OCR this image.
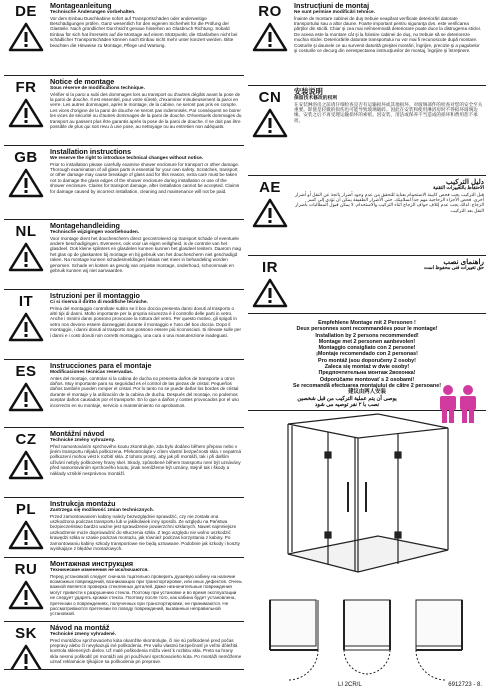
DE	Montageanleitung
Technische Änderungen vorbehalten.
Vor dem Einbau Duschkabine sofort auf Transportschäden oder anderweitige Beschädigungen prüfen. Ganz wesentlich für den eigenen Sicherheit für die Prüfung der Glasteile. Nach gründlicher Durchsicht genaue hinsehen an Glasbruch Richtung. Sobald Einbau für sich hat ihrerseits auf die Montage auf einem Stützpunkt, die Glasfarben nicht bei schädlicher Transportschäden können nach Einbau nicht mehr unter konzert werden. Bitte beachten die Hinweise zu Montage, Pflege und Wartung.
FR	Notice de montage
Sous réserve de modifications technique.
Vérifier si la paroi a subi des dommages lors au transport ou d'autres dégâts avant la pose de la paroi de douche. Il est essentiel, pour votre sûreté, d'examiner minutieusement la paroi en verre. Les autres dommages, après le montage, de la cabine, ne seront pas pris en compte. Les vices d'origine de la paroi de douche ne seront pas indemnisés. Par conséquent ne boirer les vices de sécurité ou d'autres dommages de la paroi de douche. D'éventuels dommages du transport au passent plus être garantis après la pose de la paroi de douche. Il ne doit pas être possible de plus qui soit revu à une pose, au nettoyage ou au entretien non adéquats.
GB	Installation instructions
We reserve the right to introduce technical changes without notice.
Prior to installation please carefully examine shower enclosure for transport or other damage. Thorough examination of all glass parts is essential for your own safety. Scratches, transport or other damage may cause breakage of glass and for this reason, extra care must be taken not to damage the glass edges of the shower enclosure during installation or use of the shower enclosure. Claims for transport damage, after installation cannot be accepted. Claims for damage caused by incorrect installation, cleaning and maintenance will not be paid.
NL	Montagehandleiding
Technische wijzigingen voorbehouden.
Voor montage dient het douchescherm direct gecontroleerd op transport schade of eventuele andere beschadigingen. Eveneens, ook voor uw eigen veiligheid, is de controle van het glasdeel. Ook kleine splinters en glasdelen kunnen kunnen het glasdeel teistem. Daarom mag het glas op de glaskanten bij montage en bij gebruik van het douchescherm niet geschadigd raken. Na montage kunnen schadesmeldingen helaas niet meer in behandeling worden genomen. Schade en kosten as gevolg van onjuiste montage, onderhoud, schoonmaak en gebruik kunnen wij niet aanvaarden.
IT	Istruzioni per il montaggio
Ci si riserva il diritto di modifiche tecniche.
Prima del montaggio controllate subito se il box doccia presenta danni dovuti al trasporto o altri tipi di danni. Molto importante per la propria sicurezza è il controllo delle parti in vetro. Anche i minimi danni possono provocare la rottura del vetro. Per questo motivo, gli spigoli in vetro non devono essere danneggiati durante il montaggio e l'uso del box doccia. Dopo il montaggio, i danni dovuti al trasporto non possono essere più riconosciuti. Si rilevate sulle per i danni e i costi dovuti non corretti montaggio, una cura o una manutenzione inadeguati.
ES	Instrucciones para el montaje
Modificaciones técnicas reservadas.
Antes del montaje, controlar si la cabina de ducha no presenta daños de transporte u otros daños. Muy importante para su seguridad es el control de las piezas de cristal. Pequeños daños también pueden romper el cristal. Por lo tanto no se puede dañar los bordes de cristal durante el montaje y la utilización de la cabina de ducha. Después del montaje, no podemos aceptar daños causados por el transporte. En lo que a daños y costes provocados por el uso incorrecto en su montaje, servicio o mantenimiento no aprobamos.
CZ	Montážní návod
Technické změny vyhrazeny.
Před namontováním sprchového koutu zkontrolujte, zda bylo dodáno během přeprav nebo v jiném transportu nějaká poškozena. Překontrolujte v cílem vlastní bezpečnosti skla. I nepatrná poškození mohou vést k rozbití skla. Z tohoto prostý, aby jak při montáži, tak i při dalším užívání nebyly poškozeny hrany skel. Skody, způsobené během transportu není být uznávány před namontováním sprchového koutu, jinak nemůžeme být uznány, stejně tak i škody a náklady vzniklé nesprávnou montáží.
PL	Instrukcja montażu
Zastrzega się możliwość zmian technicznych.
Przed zamontowaniem kabiny należy bezwzględnie sprawdzić, czy nie została ona uszkodzona podczas transportu lub w jakikolwiek inny sposób. Ze względu na Państwa bezpieczeństwo bardzo ważne jest sprawdzenie powierzchni szklanych. Nawet najmniejsze uszkodzenie może doprowadzić do stłuczenia szkła. Z tego względu nie wolno uszkodzić krawędzi szkła w czasie podczas montażu, jak również podczas korzystania z kabiny. Po zamontowaniu kabiny szkody transportowe nie będą uznawane. Podobnie jak szkody i koszty wynikające z błędów montażowych.
RU	Монтажная инструкция
Технические изменения не исключаются.
Перед установкой следует сначала тщательно проверить душевую кабину на наличие возможных повреждений, возникающих при транспортировке, или иных дефектов. Очень важной является проверка стеклянных деталей. Даже незначительные повреждения могут привести к разрушению стекла. Поэтому при установке и во время эксплуатации не следует ударять кромки стекла. Поэтому после того, как кабина будет установлена, претензии о повреждениях, полученных при транспортировке, не принимаются. Не рассматриваются претензии по поводу повреждений, вызванных неправильной установкой.
SK	Návod na montáž
Technické zmeny vyhradené.
Pred montážou sprchovacieho kúta okamžite skontrolujte, či nie sú poškodené pred počas prepravy alebo či nevykazujú iné poškodenia. Pre vašu vlastnú bezpečnosť je veľmi dôležitá kontrola sklenených dielov. Už malé poškodenia môžu viesť k rozbitiu skla. Preto sa hrany skla nesmú poškodiť pri montáži ani pri používaní sprchovacieho kúta. Po montáži nemôžeme uznať reklamácie týkajúce sa poškodenia pri preprave.
RO	Instrucţiuni de montaj
Ne sunt permise modificări tehnice.
Înainte de montare cabinei de duş trebuie neapărat verificate deteriorări datorate transportului sau a altor daune. Foarte important pentru siguranţa dvs. este verificarea părţilor din sticlă. Chiar şi cea mai neînsemnată deteriorare poate duce la distrugerea sticlei. De aceea este la montare cât şi la folosire cabinei de duş, nu trebuie să se deterioreze muchia sticlei. Deteriorările datorate transportului nu vor mai fi recunoscute după montare. Costurile şi daunele ce au survenit datorită greşitei montări, îngrijire, precizie şi a pagubelor şi costurile ce decurg din nerespectarea instrucţiunilor de montaj, îngrijire şi întreţinere.
CN	安装说明
保留技术修改的权利
在安装淋浴房之前请仔细检查是否有运输损坏或其他损坏。对玻璃部件的检查对您的安全至关重要。即使是轻微的损伤也可能导致玻璃破碎。因此在安装和使用淋浴房时不得损坏玻璃边缘。安装之后不再受理运输损坏的索赔。因安装、清洁或保养不当造成的损坏和费用恕不承担。
AE	دليل التركيب
الاحتفاظ بالتغييرات التقنية
قبل التركيب يجب فحص كابينة الاستحمام بعناية للتحقق من عدم وجود أضرار ناتجة عن النقل أو أضرار أخرى. فحص الأجزاء الزجاجية مهم جداً لسلامتك. حتى الأضرار الطفيفة يمكن أن تؤدي إلى كسر الزجاج. لذلك يجب عدم إتلاف حواف الزجاج أثناء التركيب والاستخدام. لا يمكن قبول المطالبات بأضرار النقل بعد التركيب.
IR	راهنمای نصب
حق تغییرات فنی محفوظ است
Empfehlene Montage mit 2 Personen !
Deux personnes sont recommandées pour le montage!
Installation by 2 persons recommended!
Montage met 2 personen aanbevolen!
Montaggio consigliato con 2 persone!
¡Montaje recomendado con 2 personas!
Pro montáž jsou doporučeny 2 osoby!
Zaleca się montaż w dwie osoby!
Предпочтительна монтаж 2вохонка!
Odporúčame montovať s 2 osobami!
Se recomandă efectuarea montajului de către 2 persoane!
建议由两人安装
يوصى أن يتم عملية التركيب من قبل شخصين
نصب با ۲ نفر توصیه می شود
LI 2CR/L	6912723 - 8.
